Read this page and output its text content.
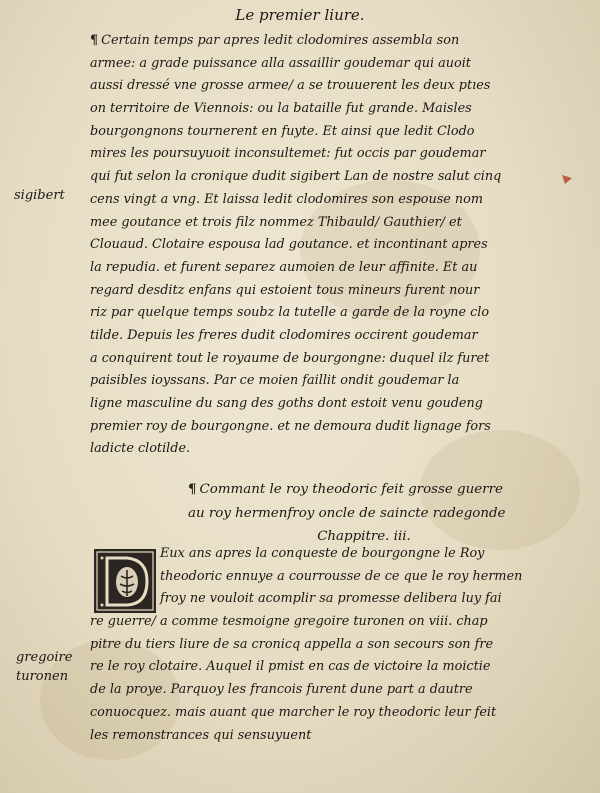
Le premier liure.
¶ Certain temps par apres ledit clodomires assembla son
armee: a grade puissance alla assaillir goudemar qui auoit
aussi dressé vne grosse armee/ a se trouuerent les deux ptıes
on territoire de Viennois: ou la bataille fut grande. Maisles
bourgongnons tournerent en fuyte. Et ainsi que ledit Clodo
mires les poursuyuoit inconsultemet: fut occis par goudemar
qui fut selon la cronique dudit sigibert Lan de nostre salut cinq
cens vingt a vng. Et laissa ledit clodomires son espouse nom
mee goutance et trois filz nommez Thibauld/ Gauthier/ et
Clouaud. Clotaire espousa lad goutance. et incontinant apres
la repudia. et furent separez aumoien de leur affinite. Et au
regard desditz enfans qui estoient tous mineurs furent nour
riz par quelque temps soubz la tutelle a garde de la royne clo
tilde. Depuis les freres dudit clodomires occirent goudemar
a conquirent tout le royaume de bourgongne: duquel ilz furet
paisibles ioyssans. Par ce moien faillit ondit goudemar la
ligne masculine du sang des goths dont estoit venu goudeng
premier roy de bourgongne. et ne demoura dudit lignage fors
ladicte clotilde.
sigibert
¶ Commant le roy theodoric feit grosse guerre
au roy hermenfroy oncle de saincte radegonde
Chappitre. iii.
Eux ans apres la conqueste de bourgongne le Roy
theodoric ennuye a courrousse de ce que le roy hermen
froy ne vouloit acomplir sa promesse delibera luy fai
re guerre/ a comme tesmoigne gregoire turonen on viii. chap
pitre du tiers liure de sa cronicq appella a son secours son fre
re le roy clotaire. Auquel il pmist en cas de victoire la moictie
de la proye. Parquoy les francois furent dune part a dautre
conuocquez. mais auant que marcher le roy theodoric leur feit
les remonstrances qui sensuyuent
gregoire
turonen
